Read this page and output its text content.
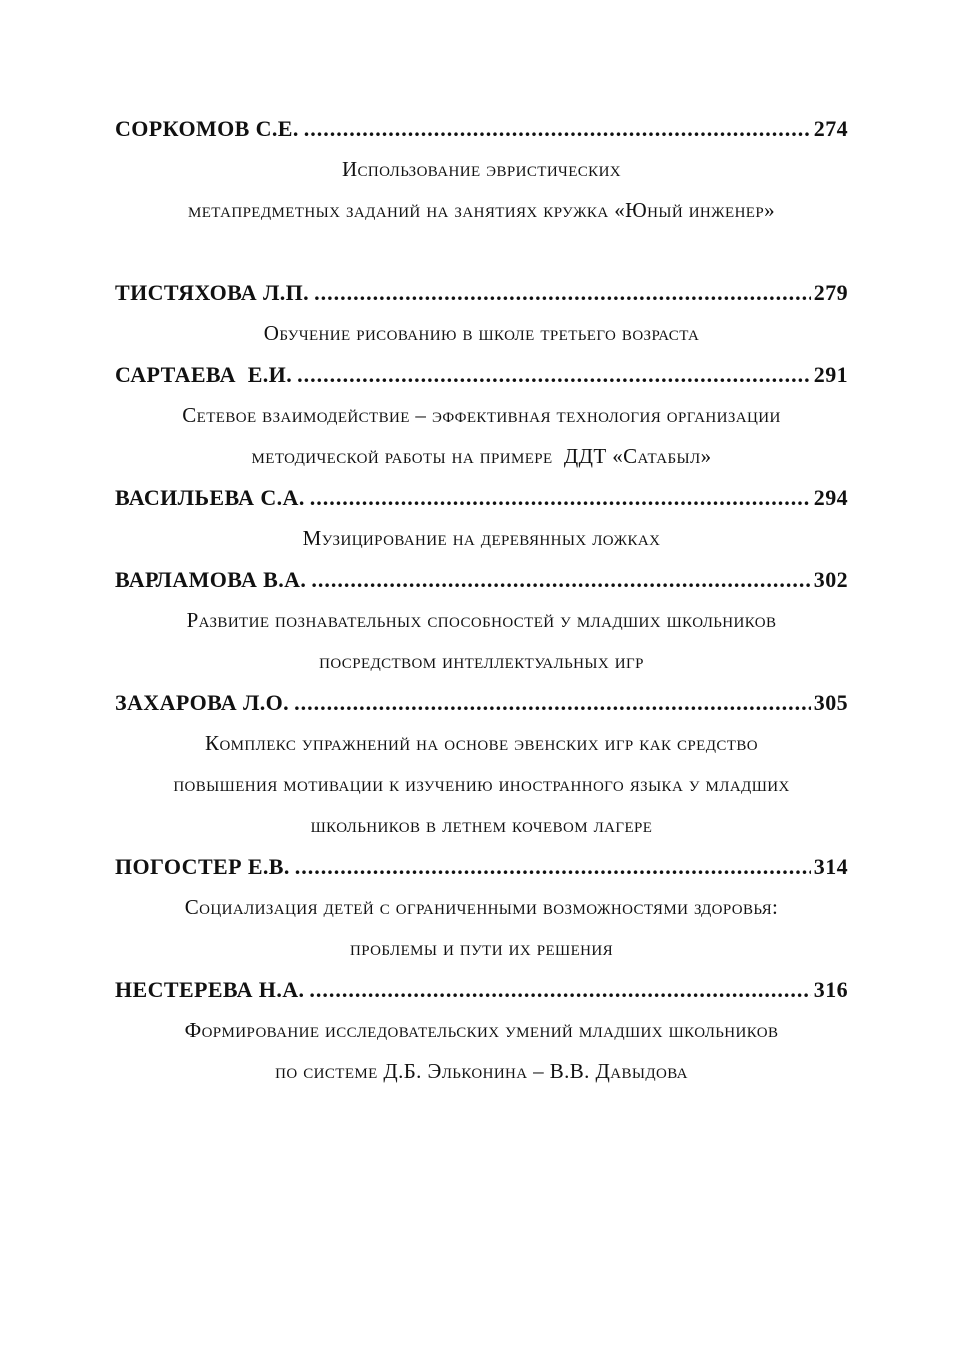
СОРКОМОВ С.Е. .....	274
Использование эвристических
метапредметных заданий на занятиях кружка «Юный инженер»
ТИСТЯХОВА Л.П. .....	279
Обучение рисованию в школе третьего возраста
САРТАЕВА  Е.И. .....	291
Сетевое взаимодействие – эффективная технология организации
методической работы на примере  ДДТ «Сатабыл»
ВАСИЛЬЕВА С.А. .....	294
Музицирование на деревянных ложках
ВАРЛАМОВА В.А. .....	302
Развитие познавательных способностей у младших школьников
посредством интеллектуальных игр
ЗАХАРОВА Л.О. .....	305
Комплекс упражнений на основе эвенских игр как средство
повышения мотивации к изучению иностранного языка у младших
школьников в летнем кочевом лагере
ПОГОСТЕР Е.В. .....	314
Социализация детей с ограниченными возможностями здоровья:
проблемы и пути их решения
НЕСТЕРЕВА Н.А. .....	316
Формирование исследовательских умений младших школьников
по системе Д.Б. Эльконина – В.В. Давыдова
